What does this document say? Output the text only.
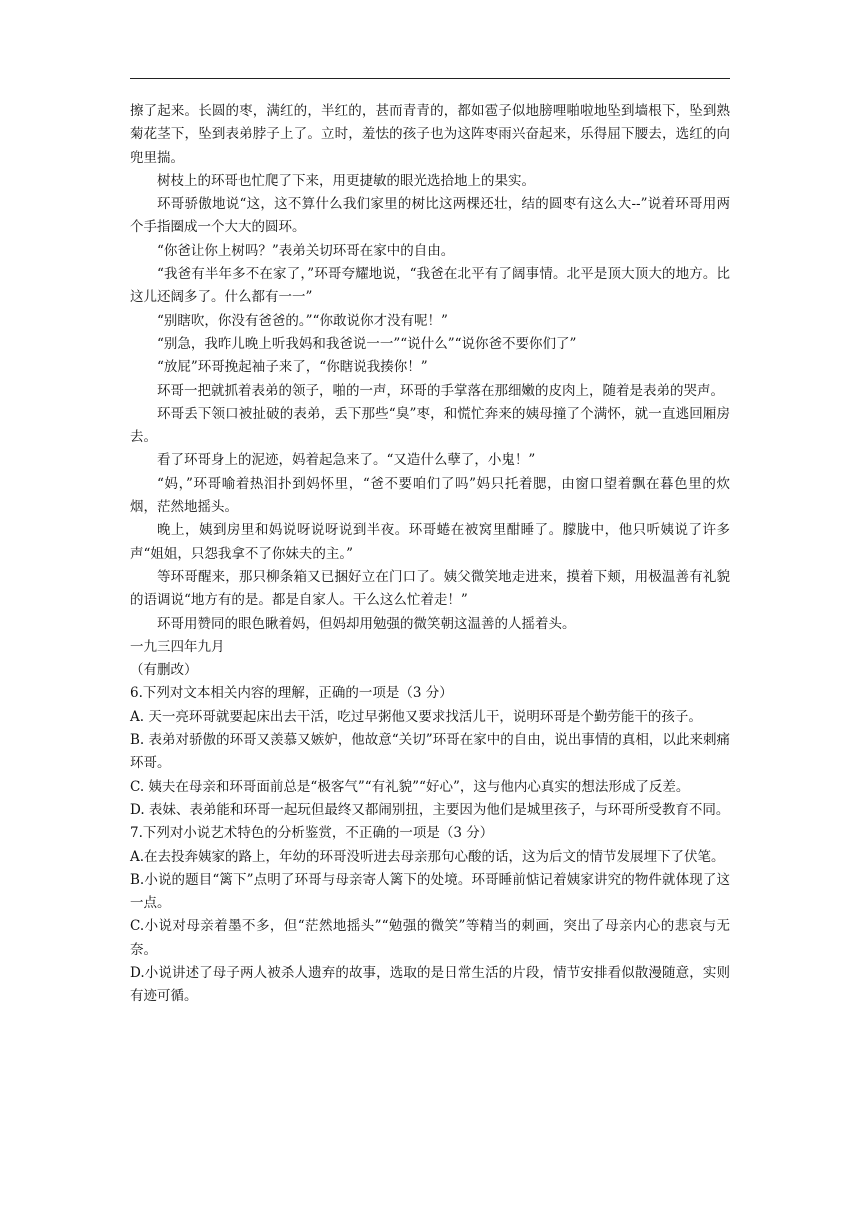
擦了起来。长圆的枣，满红的，半红的，甚而青青的，都如雹子似地膀哩啪啦地坠到墙根下，坠到熟菊花茎下，坠到表弟脖子上了。立时，羞怯的孩子也为这阵枣雨兴奋起来，乐得屈下腰去，选红的向兜里揣。

树枝上的环哥也忙爬了下来，用更捷敏的眼光选拾地上的果实。

环哥骄傲地说“这，这不算什么我们家里的树比这两棵还壮，结的圆枣有这么大--”说着环哥用两个手指圈成一个大大的圆环。

“你爸让你上树吗？”表弟关切环哥在家中的自由。

“我爸有半年多不在家了，”环哥夸耀地说，“我爸在北平有了阔事情。北平是顶大顶大的地方。比这儿还阔多了。什么都有一一”

“别瞎吹，你没有爸爸的。”“你敢说你才没有呢！”

“别急，我昨儿晚上听我妈和我爸说一一”“说什么”“说你爸不要你们了”

“放屁”环哥挽起袖子来了，“你瞎说我揍你！”

环哥一把就抓着表弟的领子，啪的一声，环哥的手掌落在那细嫩的皮肉上，随着是表弟的哭声。

环哥丢下领口被扯破的表弟，丢下那些“臭”枣，和慌忙奔来的姨母撞了个满怀，就一直逃回厢房去。

看了环哥身上的泥迹，妈着起急来了。“又造什么孽了，小鬼！”

“妈，”环哥喻着热泪扑到妈怀里，“爸不要咱们了吗”妈只托着腮，由窗口望着飘在暮色里的炊烟，茫然地摇头。

晚上，姨到房里和妈说呀说呀说到半夜。环哥蜷在被窝里酣睡了。朦胧中，他只听姨说了许多声“姐姐，只怨我拿不了你妹夫的主。”

等环哥醒来，那只柳条箱又已捆好立在门口了。姨父微笑地走进来，摸着下颊，用极温善有礼貌的语调说“地方有的是。都是自家人。干么这么忙着走！”

环哥用赞同的眼色瞅着妈，但妈却用勉强的微笑朝这温善的人摇着头。

一九三四年九月

（有删改）

6.下列对文本相关内容的理解，正确的一项是（3 分）

A. 天一亮环哥就要起床出去干活，吃过早粥他又要求找活儿干，说明环哥是个勤劳能干的孩子。

B. 表弟对骄傲的环哥又羡慕又嫉妒，他故意“关切”环哥在家中的自由，说出事情的真相，以此来刺痛环哥。

C. 姨夫在母亲和环哥面前总是“极客气”“有礼貌”“好心”，这与他内心真实的想法形成了反差。

D. 表妹、表弟能和环哥一起玩但最终又都闹别扭，主要因为他们是城里孩子，与环哥所受教育不同。

7.下列对小说艺术特色的分析鉴赏，不正确的一项是（3 分）

A.在去投奔姨家的路上，年幼的环哥没听进去母亲那句心酸的话，这为后文的情节发展埋下了伏笔。

B.小说的题目“篱下”点明了环哥与母亲寄人篱下的处境。环哥睡前惦记着姨家讲究的物件就体现了这一点。

C.小说对母亲着墨不多，但“茫然地摇头”“勉强的微笑”等精当的刺画，突出了母亲内心的悲哀与无奈。

D.小说讲述了母子两人被杀人遗弃的故事，选取的是日常生活的片段，情节安排看似散漫随意，实则有迹可循。
